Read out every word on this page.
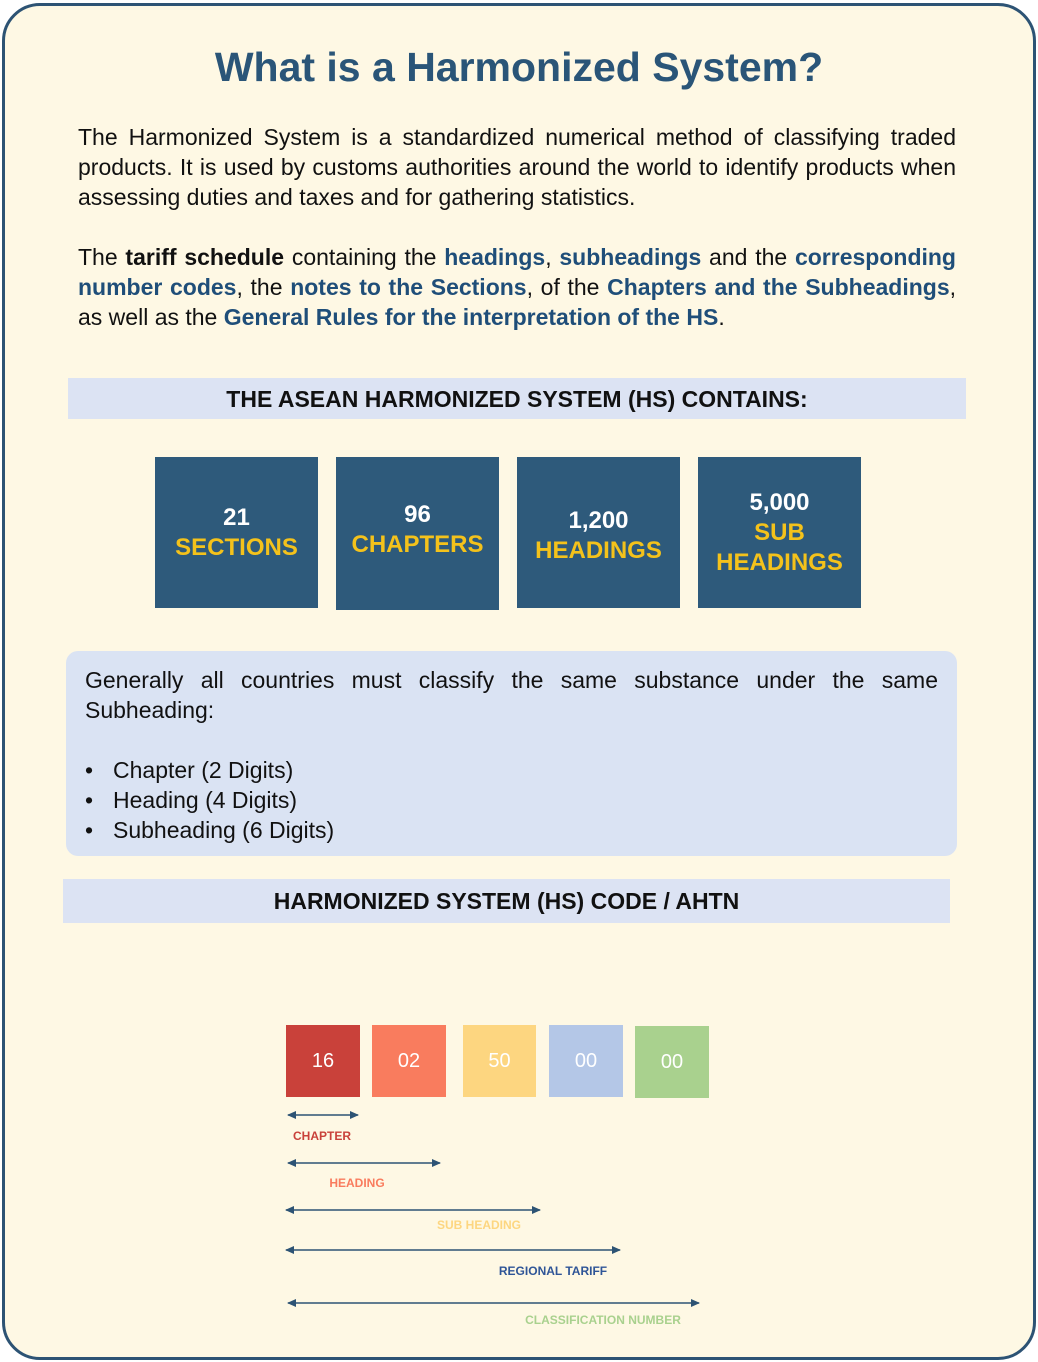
What is a Harmonized System?

The Harmonized System is a standardized numerical method of classifying traded products. It is used by customs authorities around the world to identify products when assessing duties and taxes and for gathering statistics.

The tariff schedule containing the headings, subheadings and the corresponding number codes, the notes to the Sections, of the Chapters and the Subheadings, as well as the General Rules for the interpretation of the HS.

THE ASEAN HARMONIZED SYSTEM (HS) CONTAINS:
21
SECTIONS
96
CHAPTERS
1,200
HEADINGS
5,000
SUB
HEADINGS

Generally all countries must classify the same substance under the same Subheading:

• Chapter (2 Digits)
• Heading (4 Digits)
• Subheading (6 Digits)
HARMONIZED SYSTEM (HS) CODE / AHTN
16	02	50	00	00
CHAPTER
HEADING
SUB HEADING
REGIONAL TARIFF
CLASSIFICATION NUMBER
